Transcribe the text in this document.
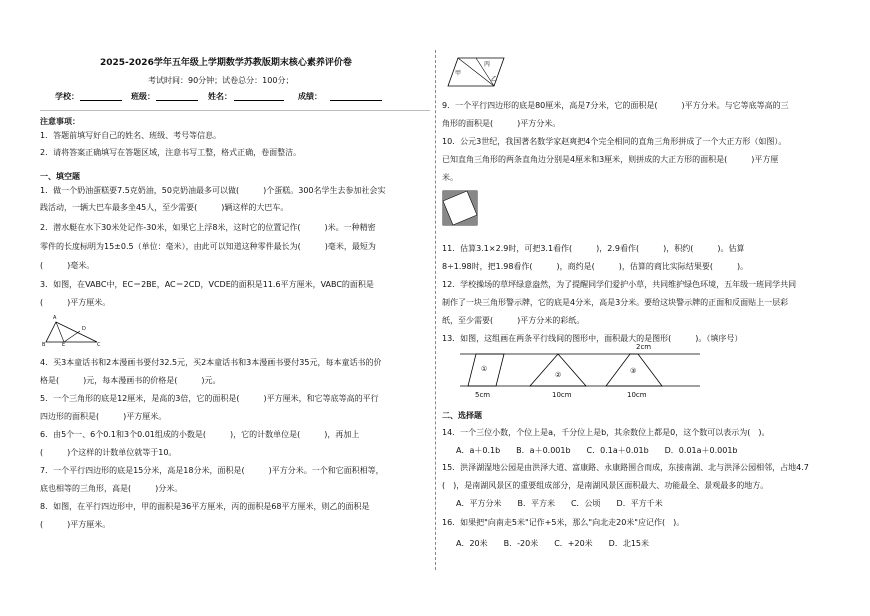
2025-2026学年五年级上学期数学苏教版期末核心素养评价卷
考试时间：90分钟；试卷总分：100分；
学校：	班级：	姓名：	成绩：
注意事项：
1．答题前填写好自己的姓名、班级、考号等信息。
2．请将答案正确填写在答题区域，注意书写工整，格式正确，卷面整洁。
一、填空题
1．做一个奶油蛋糕要7.5克奶油，50克奶油最多可以做(　　　)个蛋糕。300名学生去参加社会实
践活动，一辆大巴车最多坐45人，至少需要(　　　)辆这样的大巴车。
2．潜水艇在水下30米处记作-30米，如果它上浮8米，这时它的位置记作(　　　)米。一种精密
零件的长度标明为15±0.5（单位：毫米），由此可以知道这种零件最长为(　　　)毫米，最短为
(　　　)毫米。
3．如图，在VABC中，EC＝2BE，AC＝2CD，VCDE的面积是11.6平方厘米，VABC的面积是
(　　　)平方厘米。
A
D
B	E	C
4．买3本童话书和2本漫画书要付32.5元，买2本童话书和3本漫画书要付35元，每本童话书的价
格是(　　　)元，每本漫画书的价格是(　　　)元。
5．一个三角形的底是12厘米，是高的3倍，它的面积是(　　　)平方厘米，和它等底等高的平行
四边形的面积是(　　　)平方厘米。
6．由5个一、6个0.1和3个0.01组成的小数是(　　　)，它的计数单位是(　　　)，再加上
(　　　)个这样的计数单位就等于10。
7．一个平行四边形的底是15分米，高是18分米，面积是(　　　)平方分米。一个和它面积相等，
底也相等的三角形，高是(　　　)分米。
8．如图，在平行四边形中，甲的面积是36平方厘米，丙的面积是68平方厘米，则乙的面积是
(　　　)平方厘米。
甲
丙
乙
9．一个平行四边形的底是80厘米，高是7分米，它的面积是(　　　)平方分米。与它等底等高的三
角形的面积是(　　　)平方分米。
10．公元3世纪，我国著名数学家赵爽把4个完全相同的直角三角形拼成了一个大正方形（如图）。
已知直角三角形的两条直角边分别是4厘米和3厘米，则拼成的大正方形的面积是(　　　)平方厘
米。
11．估算3.1×2.9时，可把3.1看作(　　　)，2.9看作(　　　)，积约(　　　)。估算
8÷1.98时，把1.98看作(　　　)，商约是(　　　)，估算的商比实际结果要(　　　)。
12．学校操场的草坪绿意盎然，为了提醒同学们爱护小草，共同维护绿色环境，五年级一班同学共同
制作了一块三角形警示牌，它的底是4分米，高是3分米。要给这块警示牌的正面和反面贴上一层彩
纸，至少需要(　　　)平方分米的彩纸。
13．如图，这组画在两条平行线间的图形中，面积最大的是图形(　　　)。（填序号）
2cm
①
②	③
5cm	10cm	10cm
二、选择题
14．一个三位小数，个位上是a，千分位上是b，其余数位上都是0，这个数可以表示为(　)。
A．a＋0.1b　　B．a＋0.001b　　C．0.1a＋0.01b　　D．0.01a＋0.001b
15．洪泽湖湿地公园是由洪泽大道、富康路、永康路围合而成，东接南湖、北与洪泽公园相邻，占地4.7
(　)，是南湖风景区的重要组成部分，是南湖风景区面积最大、功能最全、景观最多的地方。
A．平方分米　　B．平方米　　C．公顷　　D．平方千米
16．如果把"向南走5米"记作+5米，那么"向北走20米"应记作(　)。
A．20米　　B．-20米　　C．+20米　　D．北15米
